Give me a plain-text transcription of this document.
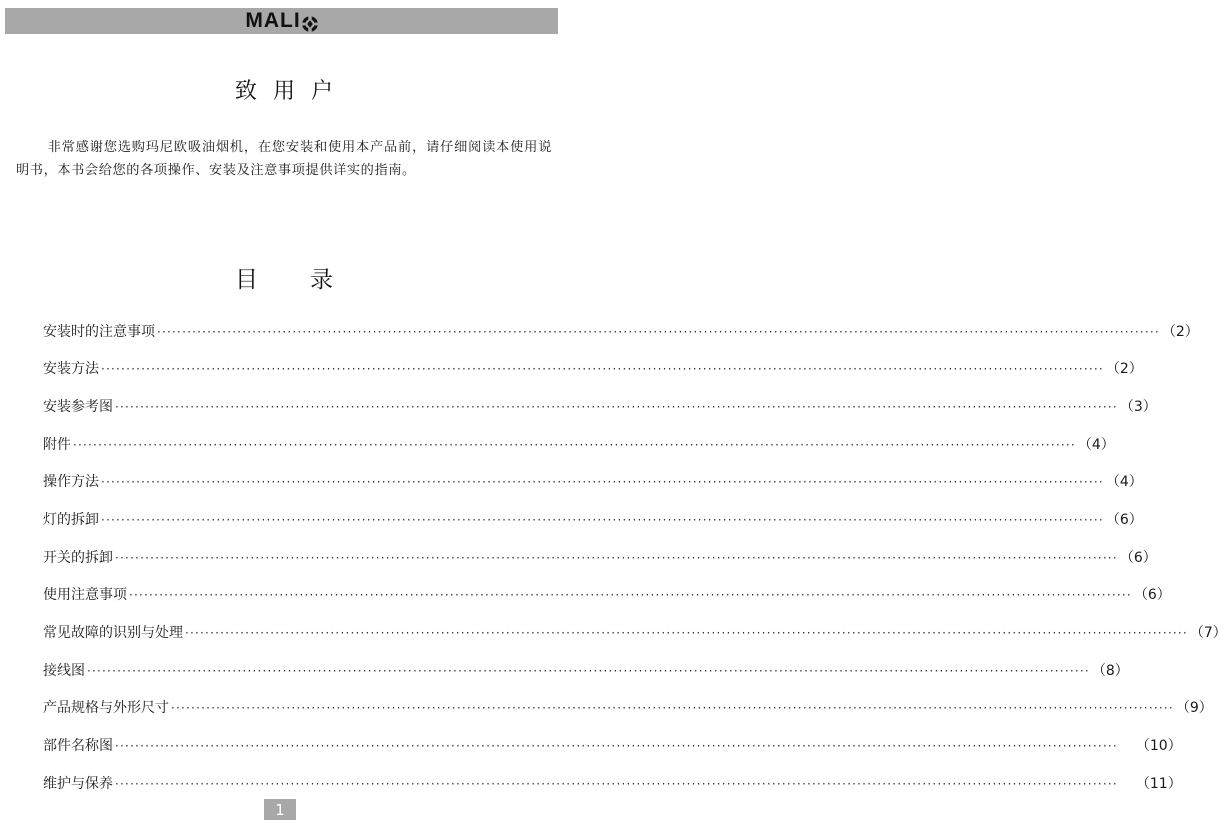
MALI
致用户

非常感谢您选购玛尼欧吸油烟机，在您安装和使用本产品前，请仔细阅读本使用说明书，本书会给您的各项操作、安装及注意事项提供详实的指南。

目 录
安装时的注意事项 ········································································································································································································ （2）
安装方法 ········································································································································································································ （2）
安装参考图 ········································································································································································································ （3）
附件 ········································································································································································································ （4）
操作方法 ········································································································································································································ （4）
灯的拆卸 ········································································································································································································ （6）
开关的拆卸 ········································································································································································································ （6）
使用注意事项 ········································································································································································································ （6）
常见故障的识别与处理 ········································································································································································································ （7）
接线图 ········································································································································································································ （8）
产品规格与外形尺寸 ········································································································································································································ （9）
部件名称图 ········································································································································································································ （10）
维护与保养 ········································································································································································································ （11）
1
